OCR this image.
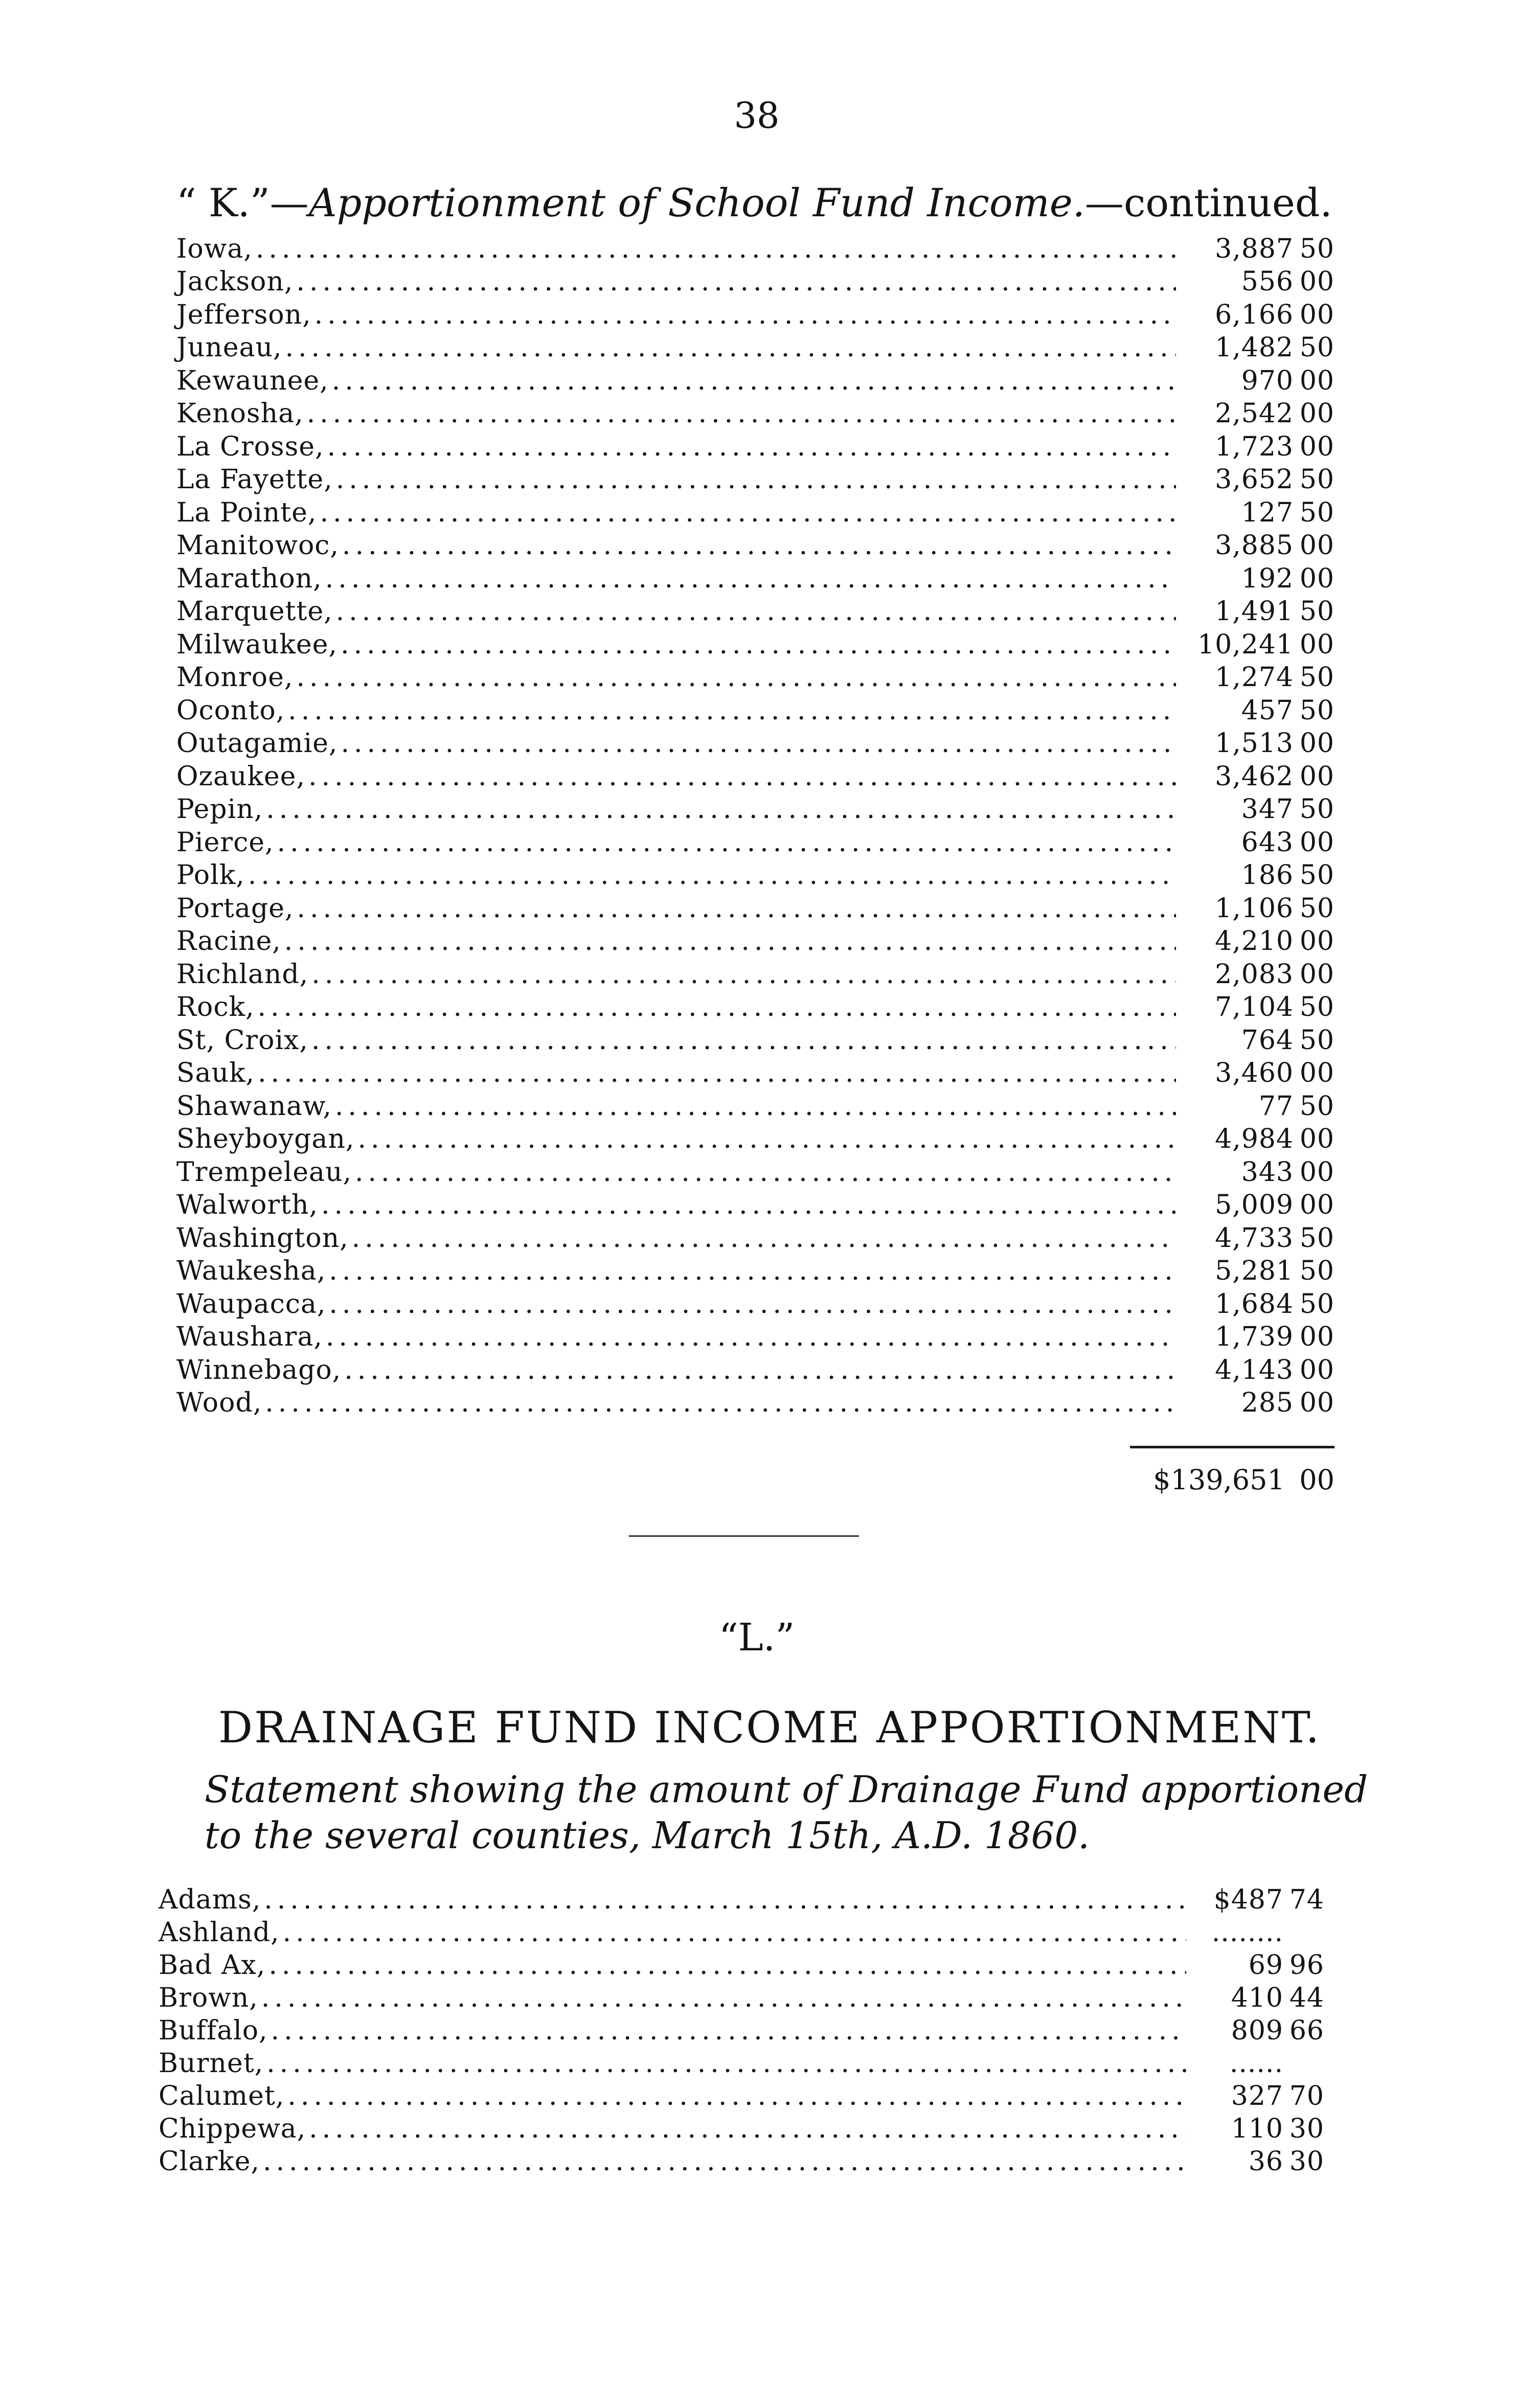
38
“ K.”—Apportionment of School Fund Income.—continued.
Iowa, .....	3,887 50
Jackson, .....	556 00
Jefferson, .....	6,166 00
Juneau, .....	1,482 50
Kewaunee, .....	970 00
Kenosha, .....	2,542 00
La Crosse, .....	1,723 00
La Fayette, .....	3,652 50
La Pointe, .....	127 50
Manitowoc, .....	3,885 00
Marathon, .....	192 00
Marquette, .....	1,491 50
Milwaukee, .....	10,241 00
Monroe, .....	1,274 50
Oconto, .....	457 50
Outagamie, .....	1,513 00
Ozaukee, .....	3,462 00
Pepin, .....	347 50
Pierce, .....	643 00
Polk, .....	186 50
Portage, .....	1,106 50
Racine, .....	4,210 00
Richland, .....	2,083 00
Rock, .....	7,104 50
St, Croix, .....	764 50
Sauk, .....	3,460 00
Shawanaw, .....	77 50
Sheyboygan, .....	4,984 00
Trempeleau, .....	343 00
Walworth, .....	5,009 00
Washington, .....	4,733 50
Waukesha, .....	5,281 50
Waupacca, .....	1,684 50
Waushara, .....	1,739 00
Winnebago, .....	4,143 00
Wood, .....	285 00
$139,651 00
“L.”
DRAINAGE FUND INCOME APPORTIONMENT.
Statement showing the amount of Drainage Fund apportioned
to the several counties, March 15th, A.D. 1860.
Adams, .....	$487 74
Ashland, .....	........
Bad Ax, .....	69 96
Brown, .....	410 44
Buffalo, .....	809 66
Burnet, .....	......
Calumet, .....	327 70
Chippewa, .....	110 30
Clarke, .....	36 30
